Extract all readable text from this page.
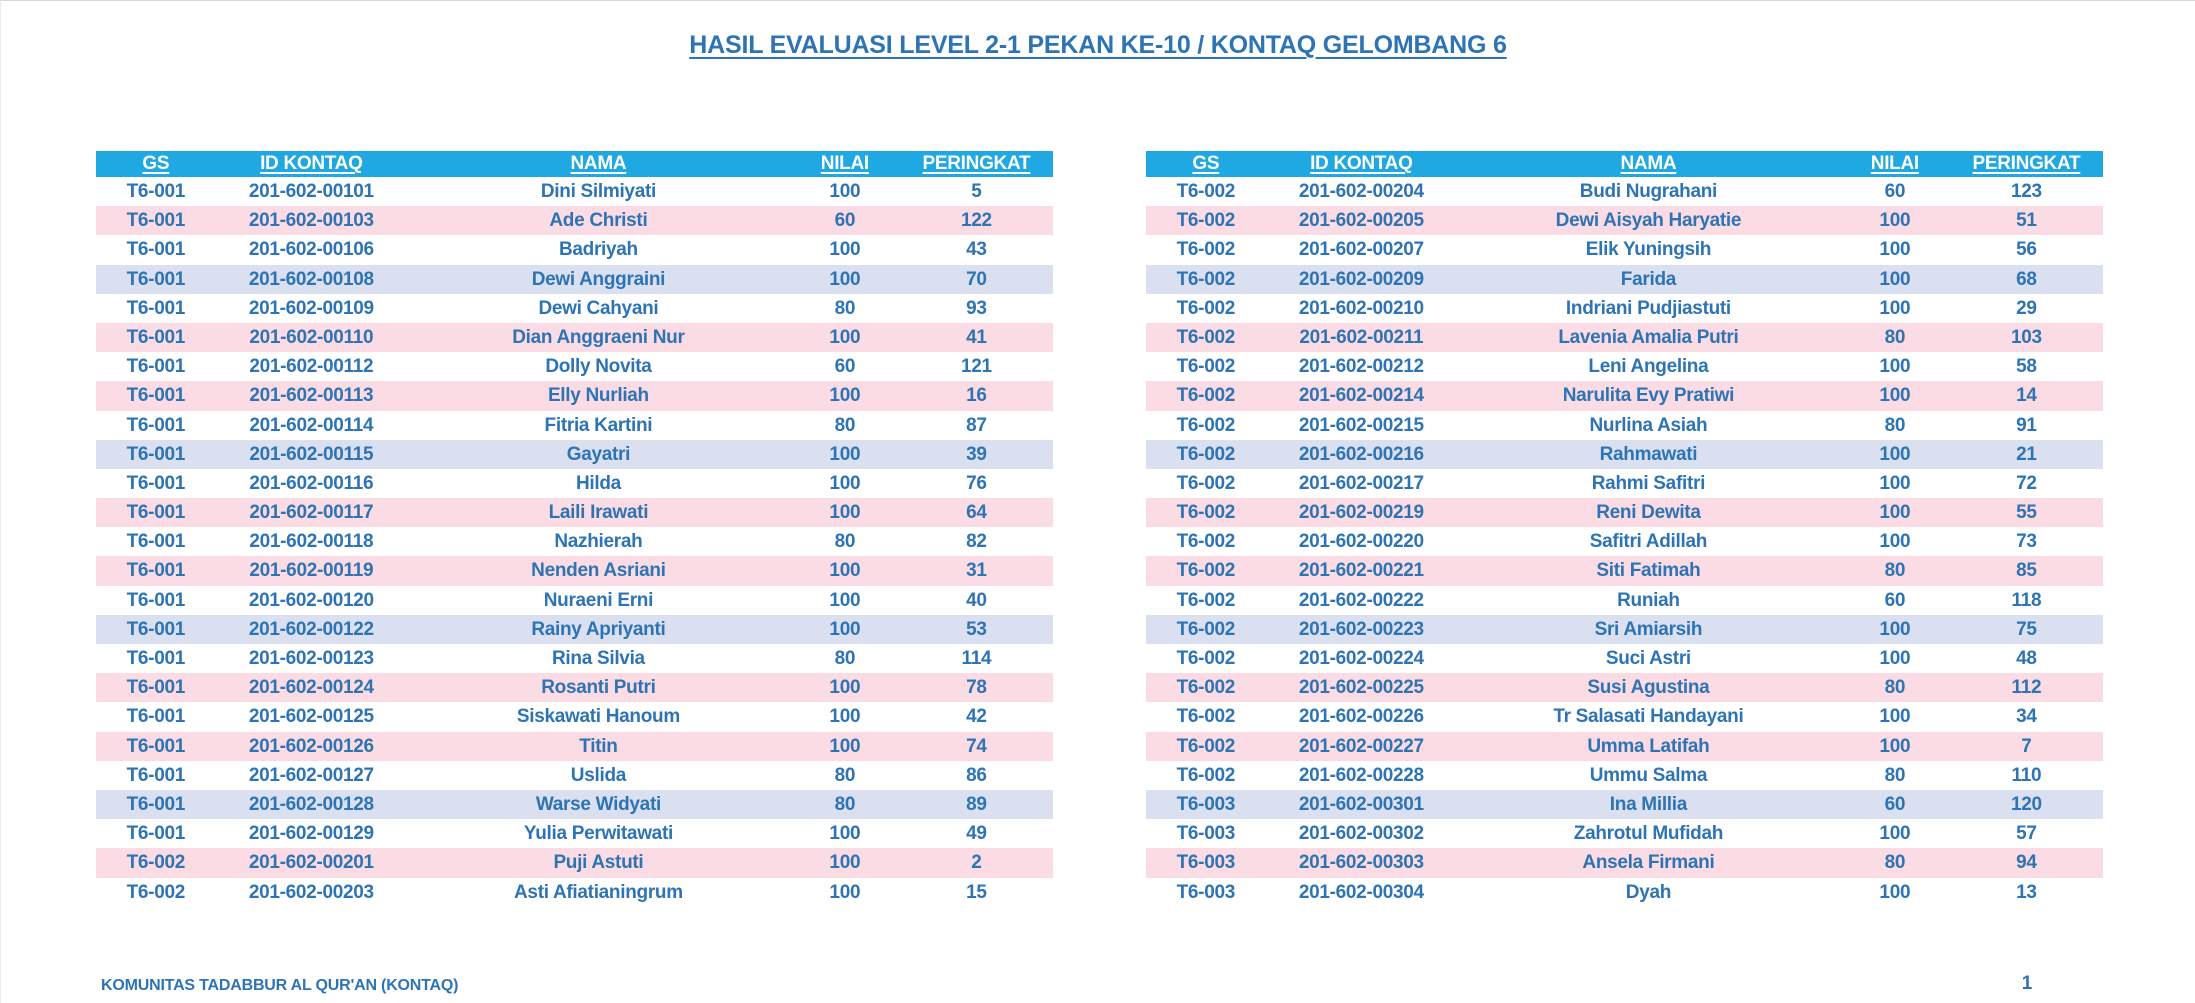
HASIL EVALUASI LEVEL 2-1 PEKAN KE-10 / KONTAQ GELOMBANG 6
GS	ID KONTAQ	NAMA	NILAI	PERINGKAT
T6-001	201-602-00101	Dini Silmiyati	100	5
T6-001	201-602-00103	Ade Christi	60	122
T6-001	201-602-00106	Badriyah	100	43
T6-001	201-602-00108	Dewi Anggraini	100	70
T6-001	201-602-00109	Dewi Cahyani	80	93
T6-001	201-602-00110	Dian Anggraeni Nur	100	41
T6-001	201-602-00112	Dolly Novita	60	121
T6-001	201-602-00113	Elly Nurliah	100	16
T6-001	201-602-00114	Fitria Kartini	80	87
T6-001	201-602-00115	Gayatri	100	39
T6-001	201-602-00116	Hilda	100	76
T6-001	201-602-00117	Laili Irawati	100	64
T6-001	201-602-00118	Nazhierah	80	82
T6-001	201-602-00119	Nenden Asriani	100	31
T6-001	201-602-00120	Nuraeni Erni	100	40
T6-001	201-602-00122	Rainy Apriyanti	100	53
T6-001	201-602-00123	Rina Silvia	80	114
T6-001	201-602-00124	Rosanti Putri	100	78
T6-001	201-602-00125	Siskawati Hanoum	100	42
T6-001	201-602-00126	Titin	100	74
T6-001	201-602-00127	Uslida	80	86
T6-001	201-602-00128	Warse Widyati	80	89
T6-001	201-602-00129	Yulia Perwitawati	100	49
T6-002	201-602-00201	Puji Astuti	100	2
T6-002	201-602-00203	Asti Afiatianingrum	100	15
GS	ID KONTAQ	NAMA	NILAI	PERINGKAT
T6-002	201-602-00204	Budi Nugrahani	60	123
T6-002	201-602-00205	Dewi Aisyah Haryatie	100	51
T6-002	201-602-00207	Elik Yuningsih	100	56
T6-002	201-602-00209	Farida	100	68
T6-002	201-602-00210	Indriani Pudjiastuti	100	29
T6-002	201-602-00211	Lavenia Amalia Putri	80	103
T6-002	201-602-00212	Leni Angelina	100	58
T6-002	201-602-00214	Narulita Evy Pratiwi	100	14
T6-002	201-602-00215	Nurlina Asiah	80	91
T6-002	201-602-00216	Rahmawati	100	21
T6-002	201-602-00217	Rahmi Safitri	100	72
T6-002	201-602-00219	Reni Dewita	100	55
T6-002	201-602-00220	Safitri Adillah	100	73
T6-002	201-602-00221	Siti Fatimah	80	85
T6-002	201-602-00222	Runiah	60	118
T6-002	201-602-00223	Sri Amiarsih	100	75
T6-002	201-602-00224	Suci Astri	100	48
T6-002	201-602-00225	Susi Agustina	80	112
T6-002	201-602-00226	Tr Salasati Handayani	100	34
T6-002	201-602-00227	Umma Latifah	100	7
T6-002	201-602-00228	Ummu Salma	80	110
T6-003	201-602-00301	Ina Millia	60	120
T6-003	201-602-00302	Zahrotul Mufidah	100	57
T6-003	201-602-00303	Ansela Firmani	80	94
T6-003	201-602-00304	Dyah	100	13
KOMUNITAS TADABBUR AL QUR'AN (KONTAQ)	1
